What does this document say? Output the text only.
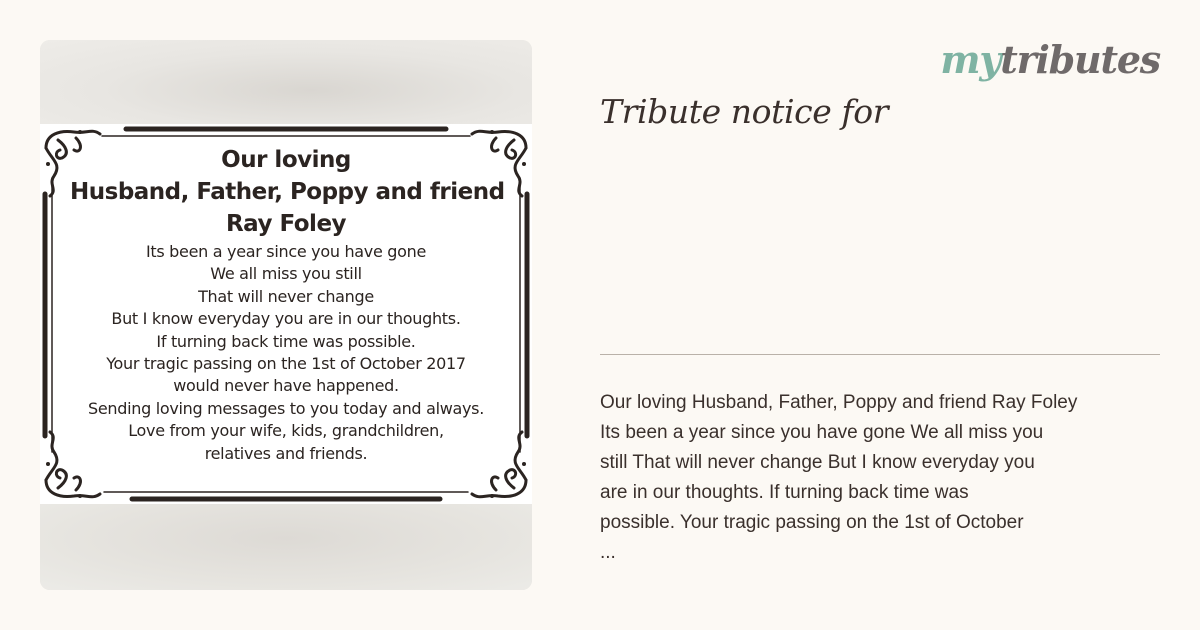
Our loving
Husband, Father, Poppy and friend
Ray Foley
Its been a year since you have gone
We all miss you still
That will never change
But I know everyday you are in our thoughts.
If turning back time was possible.
Your tragic passing on the 1st of October 2017
would never have happened.
Sending loving messages to you today and always.
Love from your wife, kids, grandchildren,
relatives and friends.
mytributes
Tribute notice for

Our loving Husband, Father, Poppy and friend Ray Foley
Its been a year since you have gone We all miss you
still That will never change But I know everyday you
are in our thoughts. If turning back time was
possible. Your tragic passing on the 1st of October
...
